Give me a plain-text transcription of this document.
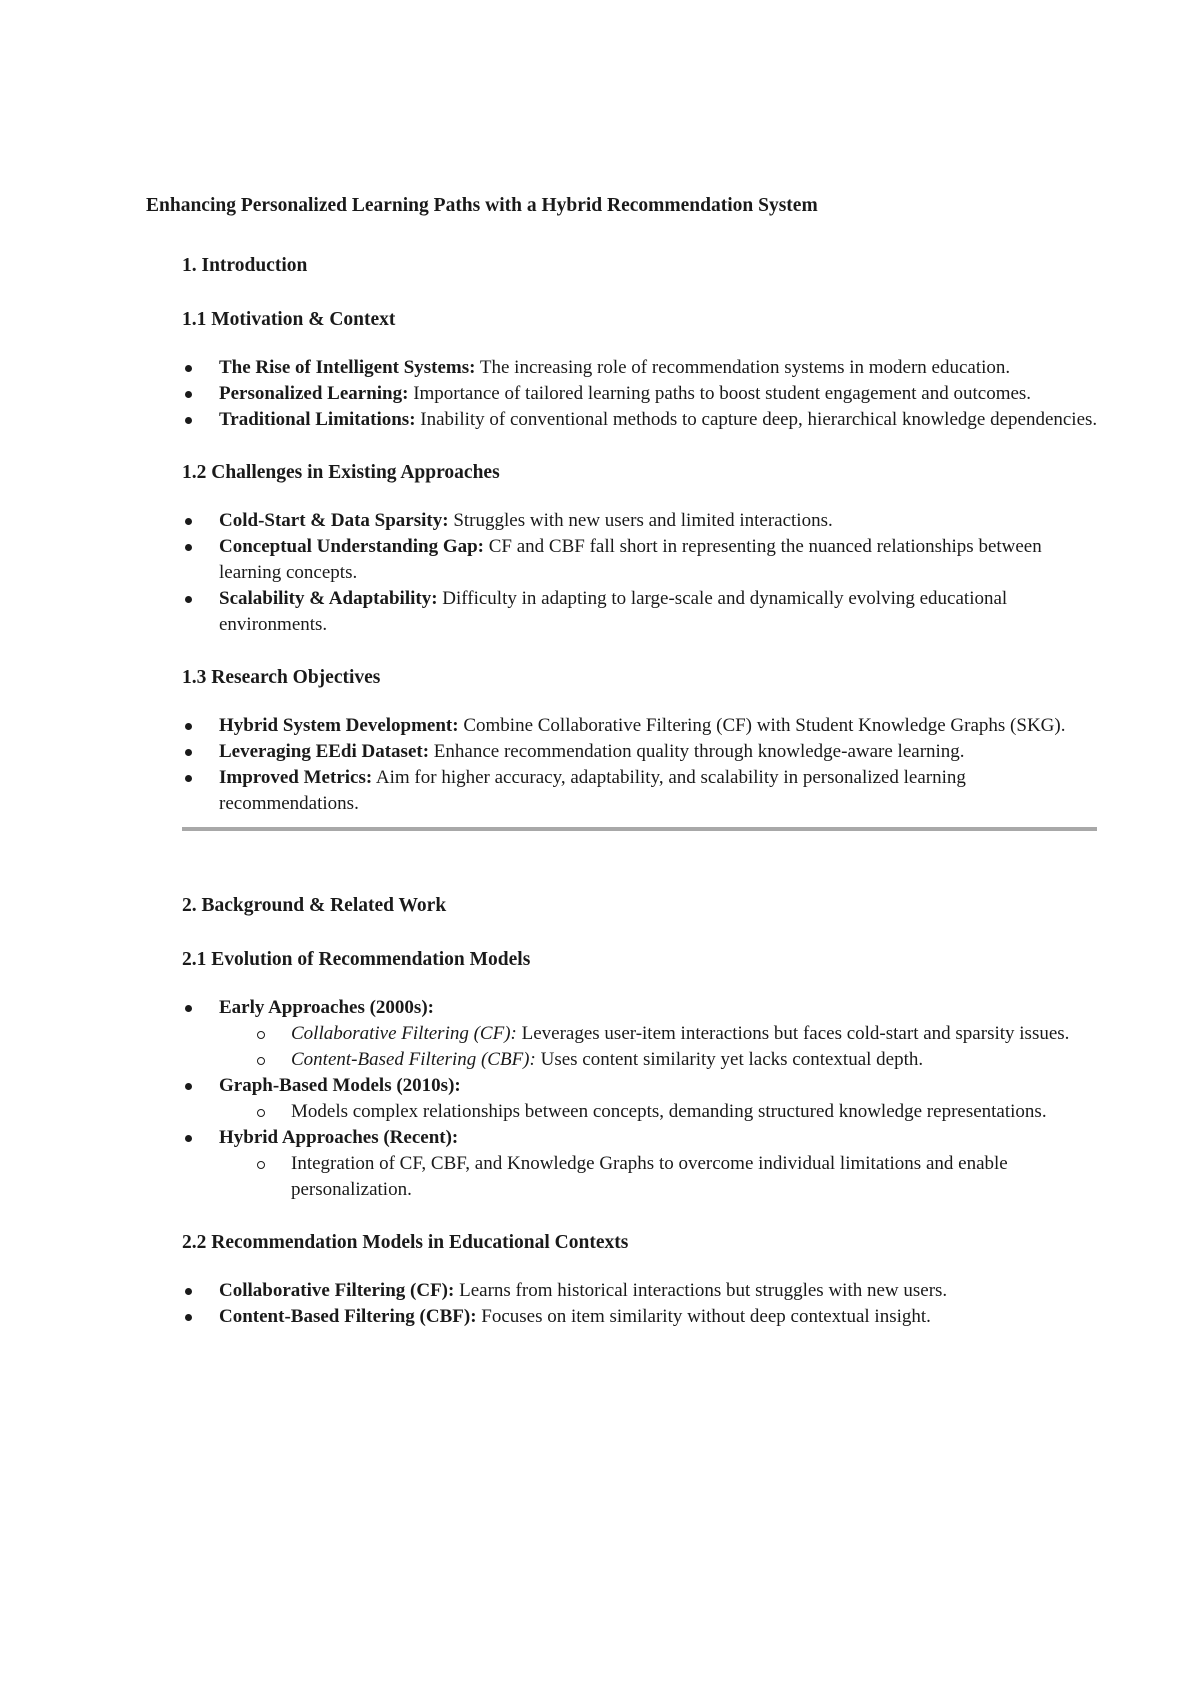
Enhancing Personalized Learning Paths with a Hybrid Recommendation System
1. Introduction
1.1 Motivation & Context
The Rise of Intelligent Systems: The increasing role of recommendation systems in modern education.
Personalized Learning: Importance of tailored learning paths to boost student engagement and outcomes.
Traditional Limitations: Inability of conventional methods to capture deep, hierarchical knowledge dependencies.
1.2 Challenges in Existing Approaches
Cold-Start & Data Sparsity: Struggles with new users and limited interactions.
Conceptual Understanding Gap: CF and CBF fall short in representing the nuanced relationships between learning concepts.
Scalability & Adaptability: Difficulty in adapting to large-scale and dynamically evolving educational environments.
1.3 Research Objectives
Hybrid System Development: Combine Collaborative Filtering (CF) with Student Knowledge Graphs (SKG).
Leveraging EEdi Dataset: Enhance recommendation quality through knowledge-aware learning.
Improved Metrics: Aim for higher accuracy, adaptability, and scalability in personalized learning recommendations.
2. Background & Related Work
2.1 Evolution of Recommendation Models
Early Approaches (2000s):
Collaborative Filtering (CF): Leverages user-item interactions but faces cold-start and sparsity issues.
Content-Based Filtering (CBF): Uses content similarity yet lacks contextual depth.
Graph-Based Models (2010s):
Models complex relationships between concepts, demanding structured knowledge representations.
Hybrid Approaches (Recent):
Integration of CF, CBF, and Knowledge Graphs to overcome individual limitations and enable personalization.
2.2 Recommendation Models in Educational Contexts
Collaborative Filtering (CF): Learns from historical interactions but struggles with new users.
Content-Based Filtering (CBF): Focuses on item similarity without deep contextual insight.
